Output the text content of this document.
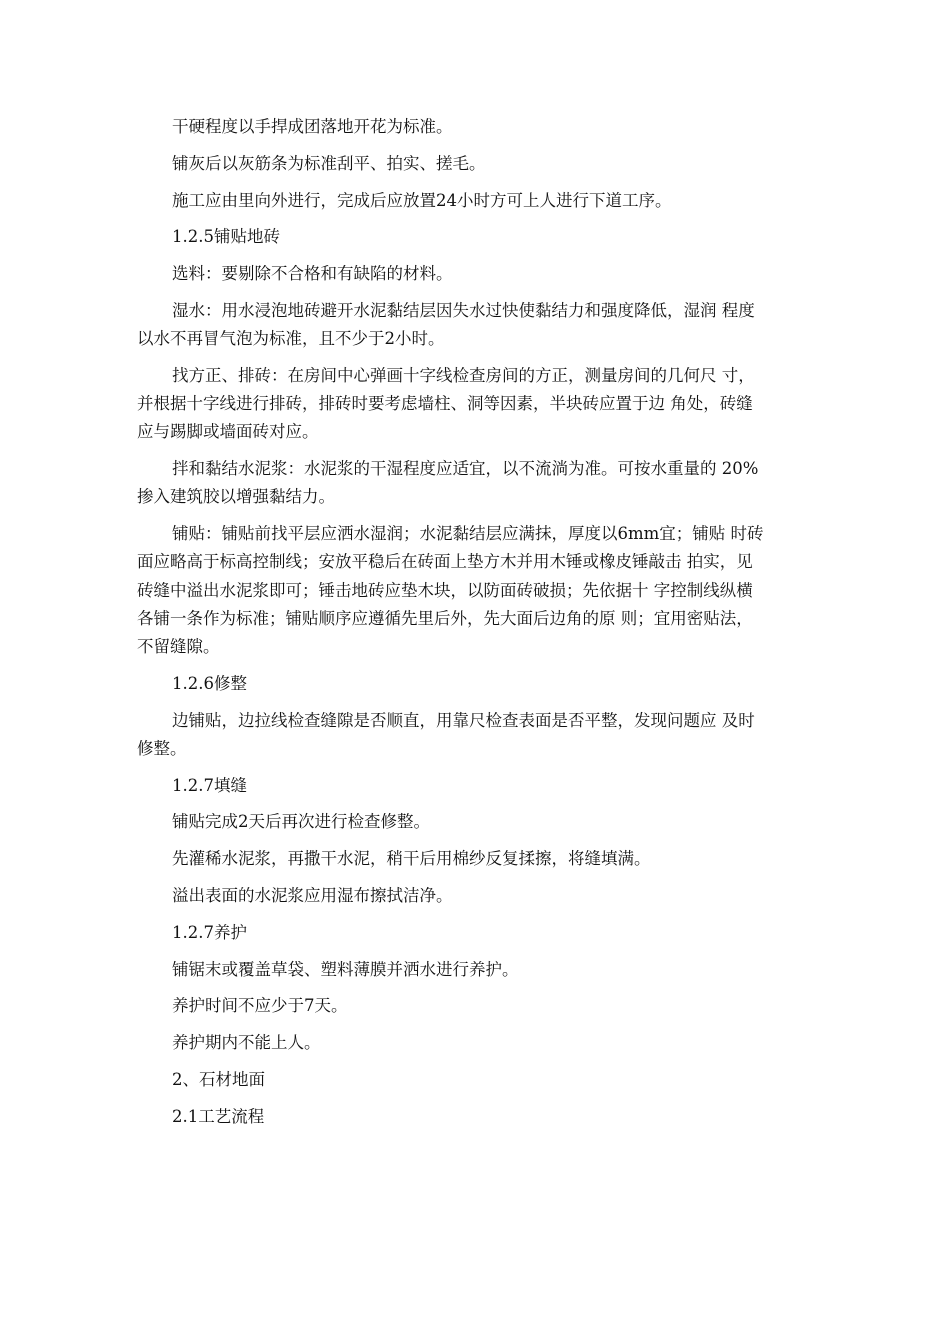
干硬程度以手捍成团落地开花为标准。
铺灰后以灰筋条为标准刮平、拍实、搓毛。
施工应由里向外进行，完成后应放置24小时方可上人进行下道工序。
1.2.5铺贴地砖
选料：要剔除不合格和有缺陷的材料。
湿水：用水浸泡地砖避开水泥黏结层因失水过快使黏结力和强度降低，湿润 程度
以水不再冒气泡为标准，且不少于2小时。
找方正、排砖：在房间中心弹画十字线检查房间的方正，测量房间的几何尺 寸，
并根据十字线进行排砖，排砖时要考虑墙柱、洞等因素，半块砖应置于边 角处，砖缝
应与踢脚或墙面砖对应。
拌和黏结水泥浆：水泥浆的干湿程度应适宜，以不流淌为准。可按水重量的 20%
掺入建筑胶以增强黏结力。
铺贴：铺贴前找平层应洒水湿润；水泥黏结层应满抹，厚度以6mm宜；铺贴 时砖
面应略高于标高控制线；安放平稳后在砖面上垫方木并用木锤或橡皮锤敲击 拍实，见
砖缝中溢出水泥浆即可；锤击地砖应垫木块，以防面砖破损；先依据十 字控制线纵横
各铺一条作为标准；铺贴顺序应遵循先里后外，先大面后边角的原 则；宜用密贴法，
不留缝隙。
1.2.6修整
边铺贴，边拉线检查缝隙是否顺直，用靠尺检查表面是否平整，发现问题应 及时
修整。
1.2.7填缝
铺贴完成2天后再次进行检查修整。
先灌稀水泥浆，再撒干水泥，稍干后用棉纱反复揉擦，将缝填满。
溢出表面的水泥浆应用湿布擦拭洁净。
1.2.7养护
铺锯末或覆盖草袋、塑料薄膜并洒水进行养护。
养护时间不应少于7天。
养护期内不能上人。
2、石材地面
2.1工艺流程
